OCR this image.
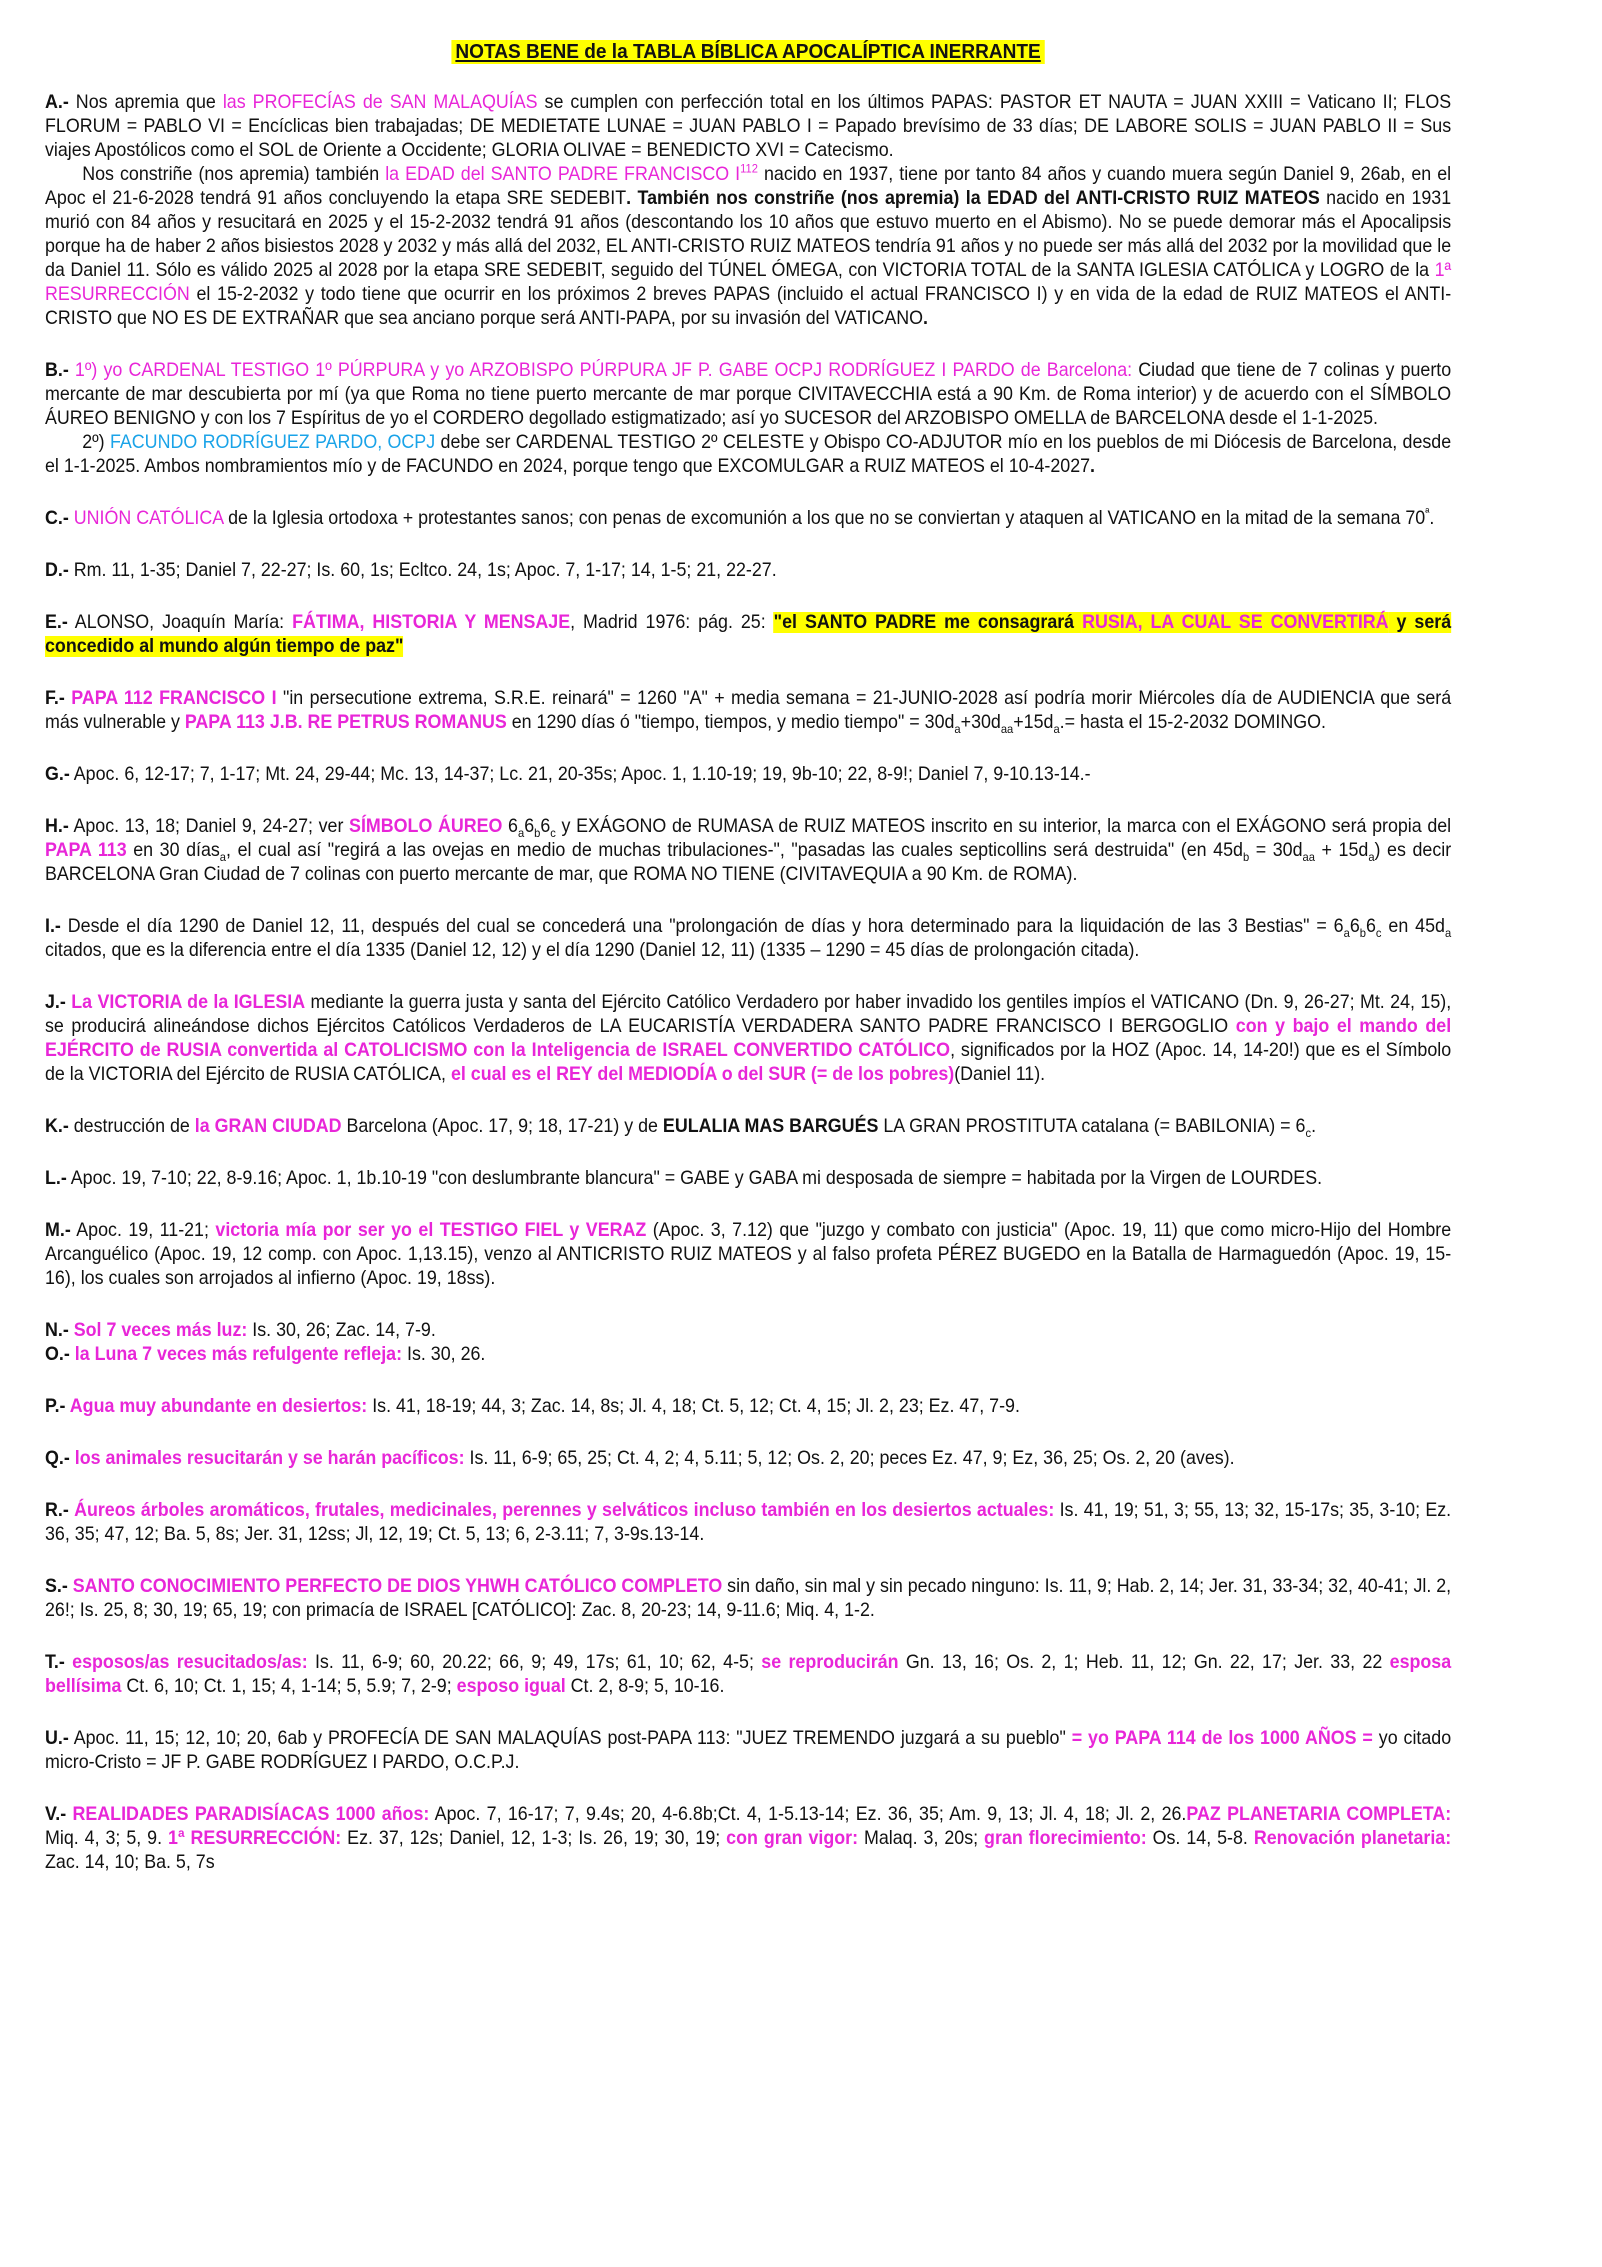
NOTAS BENE de la TABLA BÍBLICA APOCALÍPTICA INERRANTE

A.- Nos apremia que las PROFECÍAS de SAN MALAQUÍAS se cumplen con perfección total en los últimos PAPAS: PASTOR ET NAUTA = JUAN XXIII = Vaticano II; FLOS FLORUM = PABLO VI = Encíclicas bien trabajadas; DE MEDIETATE LUNAE = JUAN PABLO I = Papado brevísimo de 33 días; DE LABORE SOLIS = JUAN PABLO II = Sus viajes Apostólicos como el SOL de Oriente a Occidente; GLORIA OLIVAE = BENEDICTO XVI = Catecismo.

Nos constriñe (nos apremia) también la EDAD del SANTO PADRE FRANCISCO $I^{112}$ nacido en 1937, tiene por tanto 84 años y cuando muera según Daniel 9, 26ab, en el Apoc el 21-6-2028 tendrá 91 años concluyendo la etapa SRE SEDEBIT. También nos constriñe (nos apremia) la EDAD del ANTI-CRISTO RUIZ MATEOS nacido en 1931 murió con 84 años y resucitará en 2025 y el 15-2-2032 tendrá 91 años (descontando los 10 años que estuvo muerto en el Abismo). No se puede demorar más el Apocalipsis porque ha de haber 2 años bisiestos 2028 y 2032 y más allá del 2032, EL ANTI-CRISTO RUIZ MATEOS tendría 91 años y no puede ser más allá del 2032 por la movilidad que le da Daniel 11. Sólo es válido 2025 al 2028 por la etapa SRE SEDEBIT, seguido del TÚNEL ÓMEGA, con VICTORIA TOTAL de la SANTA IGLESIA CATÓLICA y LOGRO de la 1ª RESURRECCIÓN el 15-2-2032 y todo tiene que ocurrir en los próximos 2 breves PAPAS (incluido el actual FRANCISCO I) y en vida de la edad de RUIZ MATEOS el ANTI-CRISTO que NO ES DE EXTRAÑAR que sea anciano porque será ANTI-PAPA, por su invasión del VATICANO.

B.- 1º) yo CARDENAL TESTIGO 1º PÚRPURA y yo ARZOBISPO PÚRPURA JF P. GABE OCPJ RODRÍGUEZ I PARDO de Barcelona: Ciudad que tiene de 7 colinas y puerto mercante de mar descubierta por mí (ya que Roma no tiene puerto mercante de mar porque CIVITAVECCHIA está a 90 Km. de Roma interior) y de acuerdo con el SÍMBOLO ÁUREO BENIGNO y con los 7 Espíritus de yo el CORDERO degollado estigmatizado; así yo SUCESOR del ARZOBISPO OMELLA de BARCELONA desde el 1-1-2025.

2º) FACUNDO RODRÍGUEZ PARDO, OCPJ debe ser CARDENAL TESTIGO 2º CELESTE y Obispo CO-ADJUTOR mío en los pueblos de mi Diócesis de Barcelona, desde el 1-1-2025. Ambos nombramientos mío y de FACUNDO en 2024, porque tengo que EXCOMULGAR a RUIZ MATEOS el 10-4-2027.

C.- UNIÓN CATÓLICA de la Iglesia ortodoxa + protestantes sanos; con penas de excomunión a los que no se conviertan y ataquen al VATICANO en la mitad de la semana $70^ª$.

D.- Rm. 11, 1-35; Daniel 7, 22-27; Is. 60, 1s; Ecltco. 24, 1s; Apoc. 7, 1-17; 14, 1-5; 21, 22-27.

E.- ALONSO, Joaquín María: FÁTIMA, HISTORIA Y MENSAJE, Madrid 1976: pág. 25: "el SANTO PADRE me consagrará RUSIA, LA CUAL SE CONVERTIRÁ y será concedido al mundo algún tiempo de paz"

F.- PAPA 112 FRANCISCO I "in persecutione extrema, S.R.E. reinará" = 1260 "A" + media semana = 21-JUNIO-2028 así podría morir Miércoles día de AUDIENCIA que será más vulnerable y PAPA 113 J.B. RE PETRUS ROMANUS en 1290 días ó "tiempo, tiempos, y medio tiempo" = $30d_a+30d_{aa}+15d_a.=$ hasta el 15-2-2032 DOMINGO.

G.- Apoc. 6, 12-17; 7, 1-17; Mt. 24, 29-44; Mc. 13, 14-37; Lc. 21, 20-35s; Apoc. 1, 1.10-19; 19, 9b-10; 22, 8-9!; Daniel 7, 9-10.13-14.-

H.- Apoc. 13, 18; Daniel 9, 24-27; ver SÍMBOLO ÁUREO $6_a6_b6_c$ y EXÁGONO de RUMASA de RUIZ MATEOS inscrito en su interior, la marca con el EXÁGONO será propia del PAPA 113 en 30 días$_a$, el cual así "regirá a las ovejas en medio de muchas tribulaciones-", "pasadas las cuales septicollins será destruida" (en $45d_b = 30d_{aa} + 15d_a$) es decir BARCELONA Gran Ciudad de 7 colinas con puerto mercante de mar, que ROMA NO TIENE (CIVITAVEQUIA a 90 Km. de ROMA).

I.- Desde el día 1290 de Daniel 12, 11, después del cual se concederá una "prolongación de días y hora determinado para la liquidación de las 3 Bestias" = $6_a6_b6_c$ en $45d_a$ citados, que es la diferencia entre el día 1335 (Daniel 12, 12) y el día 1290 (Daniel 12, 11) (1335 – 1290 = 45 días de prolongación citada).

J.- La VICTORIA de la IGLESIA mediante la guerra justa y santa del Ejército Católico Verdadero por haber invadido los gentiles impíos el VATICANO (Dn. 9, 26-27; Mt. 24, 15), se producirá alineándose dichos Ejércitos Católicos Verdaderos de LA EUCARISTÍA VERDADERA SANTO PADRE FRANCISCO I BERGOGLIO con y bajo el mando del EJÉRCITO de RUSIA convertida al CATOLICISMO con la Inteligencia de ISRAEL CONVERTIDO CATÓLICO, significados por la HOZ (Apoc. 14, 14-20!) que es el Símbolo de la VICTORIA del Ejército de RUSIA CATÓLICA, el cual es el REY del MEDIODÍA o del SUR (= de los pobres)(Daniel 11).

K.- destrucción de la GRAN CIUDAD Barcelona (Apoc. 17, 9; 18, 17-21) y de EULALIA MAS BARGUÉS LA GRAN PROSTITUTA catalana (= BABILONIA) = $6_c$.

L.- Apoc. 19, 7-10; 22, 8-9.16; Apoc. 1, 1b.10-19 "con deslumbrante blancura" = GABE y GABA mi desposada de siempre = habitada por la Virgen de LOURDES.

M.- Apoc. 19, 11-21; victoria mía por ser yo el TESTIGO FIEL y VERAZ (Apoc. 3, 7.12) que "juzgo y combato con justicia" (Apoc. 19, 11) que como micro-Hijo del Hombre Arcanguélico (Apoc. 19, 12 comp. con Apoc. 1,13.15), venzo al ANTICRISTO RUIZ MATEOS y al falso profeta PÉREZ BUGEDO en la Batalla de Harmaguedón (Apoc. 19, 15-16), los cuales son arrojados al infierno (Apoc. 19, 18ss).

N.- Sol 7 veces más luz: Is. 30, 26; Zac. 14, 7-9.

O.- la Luna 7 veces más refulgente refleja: Is. 30, 26.

P.- Agua muy abundante en desiertos: Is. 41, 18-19; 44, 3; Zac. 14, 8s; Jl. 4, 18; Ct. 5, 12; Ct. 4, 15; Jl. 2, 23; Ez. 47, 7-9.

Q.- los animales resucitarán y se harán pacíficos: Is. 11, 6-9; 65, 25; Ct. 4, 2; 4, 5.11; 5, 12; Os. 2, 20; peces Ez. 47, 9; Ez, 36, 25; Os. 2, 20 (aves).

R.- Áureos árboles aromáticos, frutales, medicinales, perennes y selváticos incluso también en los desiertos actuales: Is. 41, 19; 51, 3; 55, 13; 32, 15-17s; 35, 3-10; Ez. 36, 35; 47, 12; Ba. 5, 8s; Jer. 31, 12ss; Jl, 12, 19; Ct. 5, 13; 6, 2-3.11; 7, 3-9s.13-14.

S.- SANTO CONOCIMIENTO PERFECTO DE DIOS YHWH CATÓLICO COMPLETO sin daño, sin mal y sin pecado ninguno: Is. 11, 9; Hab. 2, 14; Jer. 31, 33-34; 32, 40-41; Jl. 2, 26!; Is. 25, 8; 30, 19; 65, 19; con primacía de ISRAEL [CATÓLICO]: Zac. 8, 20-23; 14, 9-11.6; Miq. 4, 1-2.

T.- esposos/as resucitados/as: Is. 11, 6-9; 60, 20.22; 66, 9; 49, 17s; 61, 10; 62, 4-5; se reproducirán Gn. 13, 16; Os. 2, 1; Heb. 11, 12; Gn. 22, 17; Jer. 33, 22 esposa bellísima Ct. 6, 10; Ct. 1, 15; 4, 1-14; 5, 5.9; 7, 2-9; esposo igual Ct. 2, 8-9; 5, 10-16.

U.- Apoc. 11, 15; 12, 10; 20, 6ab y PROFECÍA DE SAN MALAQUÍAS post-PAPA 113: "JUEZ TREMENDO juzgará a su pueblo" = yo PAPA 114 de los 1000 AÑOS = yo citado micro-Cristo = JF P. GABE RODRÍGUEZ I PARDO, O.C.P.J.

V.- REALIDADES PARADISÍACAS 1000 años: Apoc. 7, 16-17; 7, 9.4s; 20, 4-6.8b;Ct. 4, 1-5.13-14; Ez. 36, 35; Am. 9, 13; Jl. 4, 18; Jl. 2, 26.PAZ PLANETARIA COMPLETA: Miq. 4, 3; 5, 9. 1ª RESURRECCIÓN: Ez. 37, 12s; Daniel, 12, 1-3; Is. 26, 19; 30, 19; con gran vigor: Malaq. 3, 20s; gran florecimiento: Os. 14, 5-8. Renovación planetaria: Zac. 14, 10; Ba. 5, 7s
